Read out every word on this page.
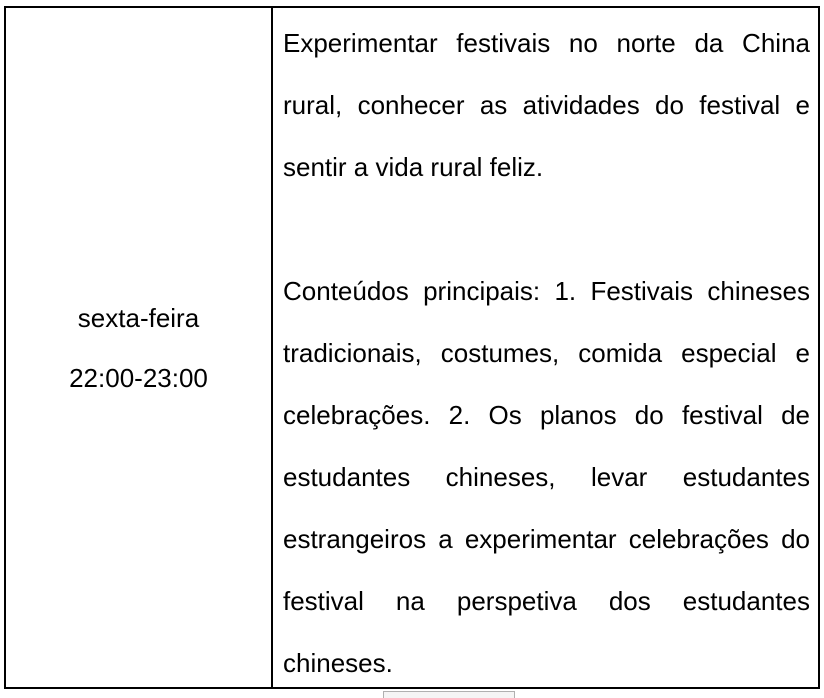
sexta-feira
22:00-23:00

Experimentar festivais no norte da China rural, conhecer as atividades do festival e sentir a vida rural feliz.

Conteúdos principais: 1. Festivais chineses tradicionais, costumes, comida especial e celebrações. 2. Os planos do festival de estudantes chineses, levar estudantes estrangeiros a experimentar celebrações do festival na perspetiva dos estudantes chineses.
